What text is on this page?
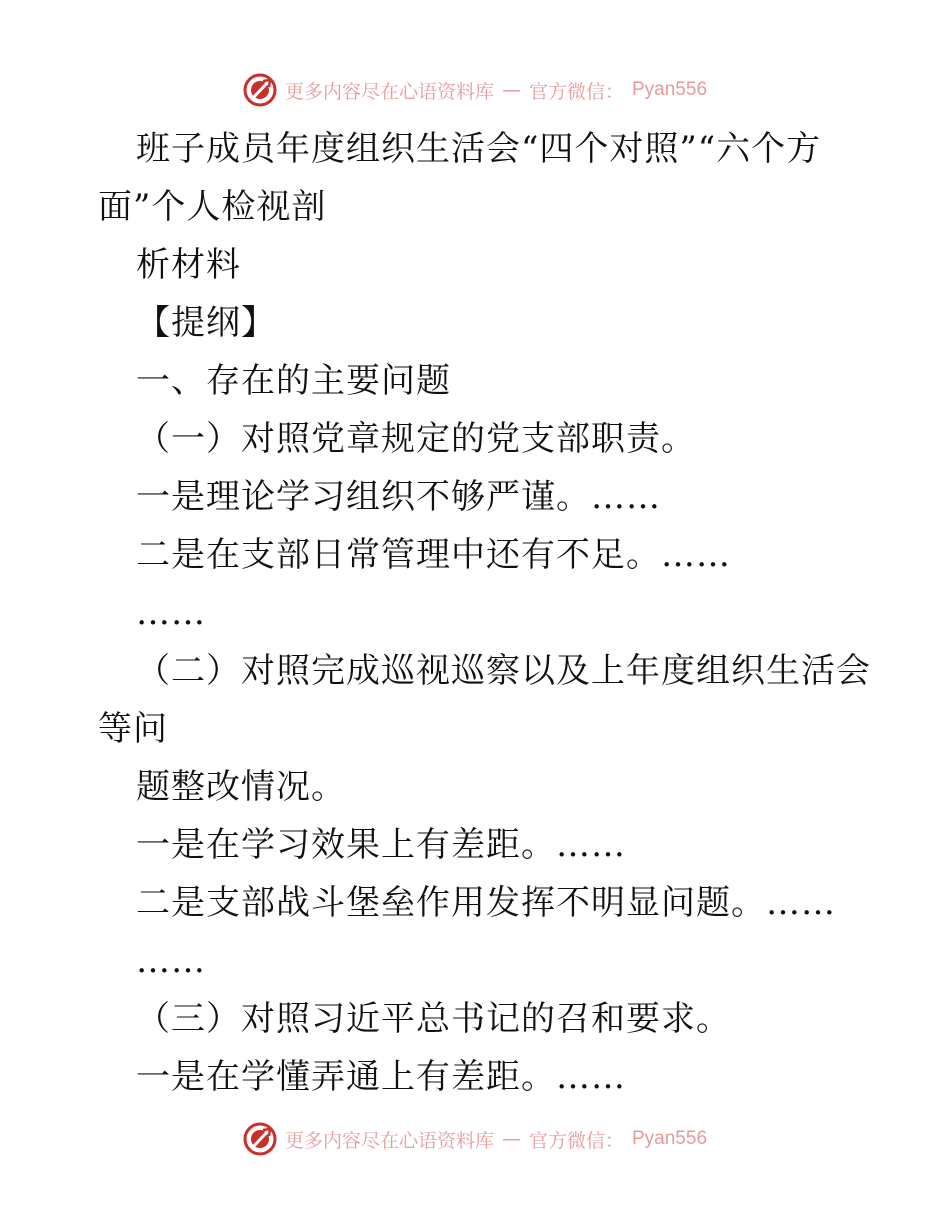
更多内容尽在心语资料库 — 官方微信： Pyan556
班子成员年度组织生活会“四个对照”“六个方
面”个人检视剖
析材料
【提纲】
一、存在的主要问题
（一）对照党章规定的党支部职责。
一是理论学习组织不够严谨。……
二是在支部日常管理中还有不足。……
……
（二）对照完成巡视巡察以及上年度组织生活会
等问
题整改情况。
一是在学习效果上有差距。……
二是支部战斗堡垒作用发挥不明显问题。……
……
（三）对照习近平总书记的召和要求。
一是在学懂弄通上有差距。……
更多内容尽在心语资料库 — 官方微信： Pyan556
